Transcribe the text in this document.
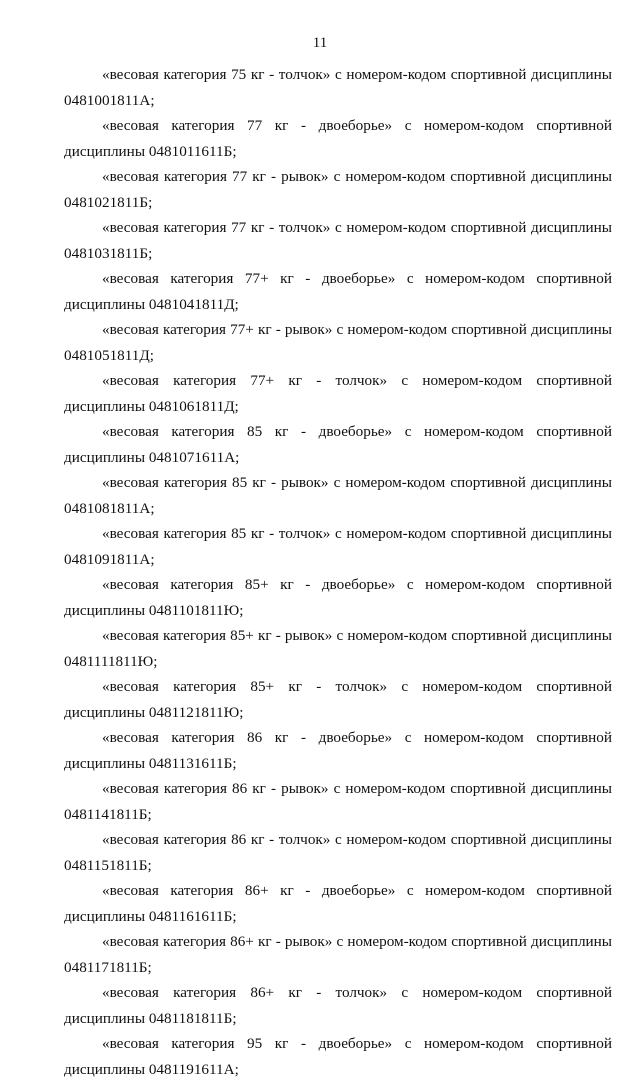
11

«весовая категория 75 кг - толчок» с номером-кодом спортивной дисциплины 0481001811А;

«весовая категория 77 кг - двоеборье» с номером-кодом спортивной дисциплины 0481011611Б;

«весовая категория 77 кг - рывок» с номером-кодом спортивной дисциплины 0481021811Б;

«весовая категория 77 кг - толчок» с номером-кодом спортивной дисциплины 0481031811Б;

«весовая категория 77+ кг - двоеборье» с номером-кодом спортивной дисциплины 0481041811Д;

«весовая категория 77+ кг - рывок» с номером-кодом спортивной дисциплины 0481051811Д;

«весовая категория 77+ кг - толчок» с номером-кодом спортивной дисциплины 0481061811Д;

«весовая категория 85 кг - двоеборье» с номером-кодом спортивной дисциплины 0481071611А;

«весовая категория 85 кг - рывок» с номером-кодом спортивной дисциплины 0481081811А;

«весовая категория 85 кг - толчок» с номером-кодом спортивной дисциплины 0481091811А;

«весовая категория 85+ кг - двоеборье» с номером-кодом спортивной дисциплины 0481101811Ю;

«весовая категория 85+ кг - рывок» с номером-кодом спортивной дисциплины 0481111811Ю;

«весовая категория 85+ кг - толчок» с номером-кодом спортивной дисциплины 0481121811Ю;

«весовая категория 86 кг - двоеборье» с номером-кодом спортивной дисциплины 0481131611Б;

«весовая категория 86 кг - рывок» с номером-кодом спортивной дисциплины 0481141811Б;

«весовая категория 86 кг - толчок» с номером-кодом спортивной дисциплины 0481151811Б;

«весовая категория 86+ кг - двоеборье» с номером-кодом спортивной дисциплины 0481161611Б;

«весовая категория 86+ кг - рывок» с номером-кодом спортивной дисциплины 0481171811Б;

«весовая категория 86+ кг - толчок» с номером-кодом спортивной дисциплины 0481181811Б;

«весовая категория 95 кг - двоеборье» с номером-кодом спортивной дисциплины 0481191611А;
